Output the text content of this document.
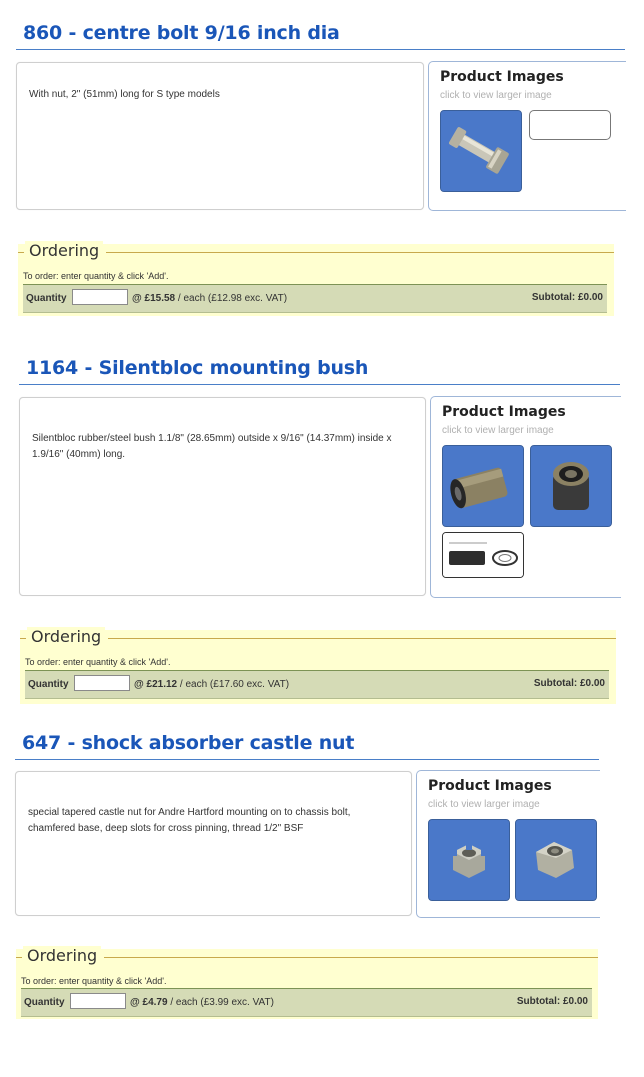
860 - centre bolt 9/16 inch dia
With nut, 2" (51mm) long for S type models
Product Images
click to view larger image
Ordering
To order: enter quantity & click 'Add'.
Quantity	@ £15.58 / each (£12.98 exc. VAT)	Subtotal: £0.00
1164 - Silentbloc mounting bush
Silentbloc rubber/steel bush 1.1/8" (28.65mm) outside x 9/16" (14.37mm) inside x 1.9/16" (40mm) long.
Product Images
click to view larger image
Ordering
To order: enter quantity & click 'Add'.
Quantity	@ £21.12 / each (£17.60 exc. VAT)	Subtotal: £0.00
647 - shock absorber castle nut
special tapered castle nut for Andre Hartford mounting on to chassis bolt, chamfered base, deep slots for cross pinning, thread 1/2" BSF
Product Images
click to view larger image
Ordering
To order: enter quantity & click 'Add'.
Quantity	@ £4.79 / each (£3.99 exc. VAT)	Subtotal: £0.00
